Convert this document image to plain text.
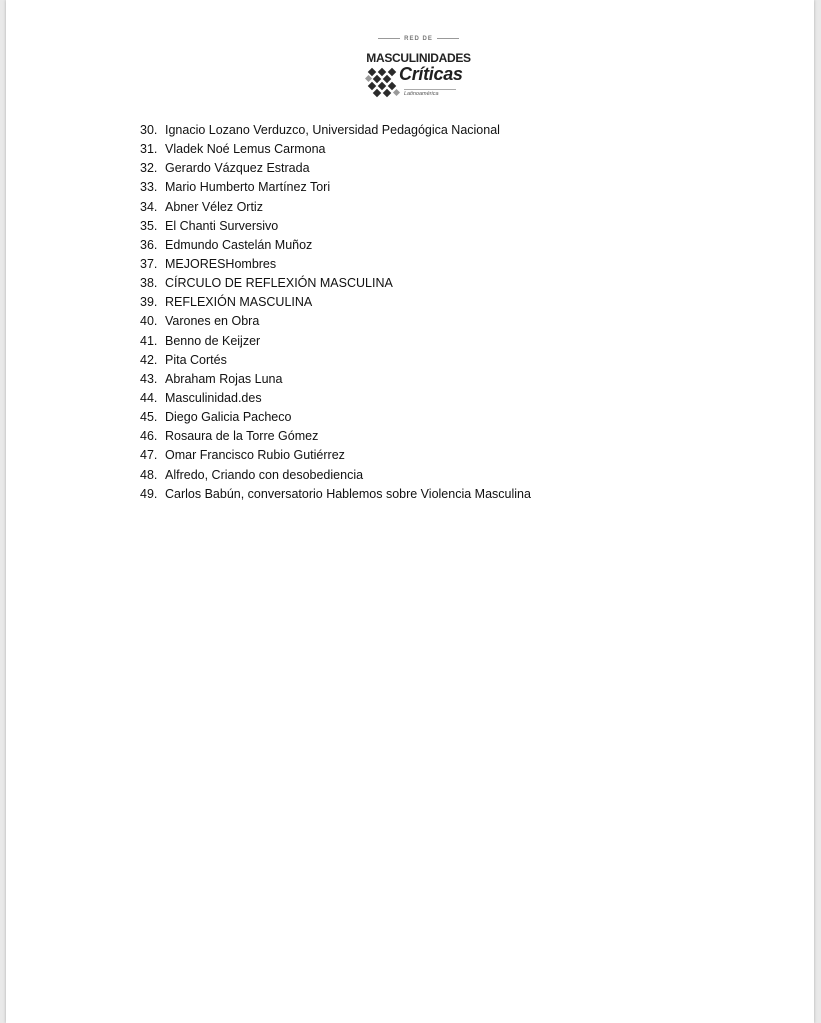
RED DE
MASCULINIDADES
Críticas
Latinoamérica
30. Ignacio Lozano Verduzco, Universidad Pedagógica Nacional
31. Vladek Noé Lemus Carmona
32. Gerardo Vázquez Estrada
33. Mario Humberto Martínez Tori
34. Abner Vélez Ortiz
35. El Chanti Surversivo
36. Edmundo Castelán Muñoz
37. MEJORESHombres
38. CÍRCULO DE REFLEXIÓN MASCULINA
39. REFLEXIÓN MASCULINA
40. Varones en Obra
41. Benno de Keijzer
42. Pita Cortés
43. Abraham Rojas Luna
44. Masculinidad.des
45. Diego Galicia Pacheco
46. Rosaura de la Torre Gómez
47. Omar Francisco Rubio Gutiérrez
48. Alfredo, Criando con desobediencia
49. Carlos Babún, conversatorio Hablemos sobre Violencia Masculina
